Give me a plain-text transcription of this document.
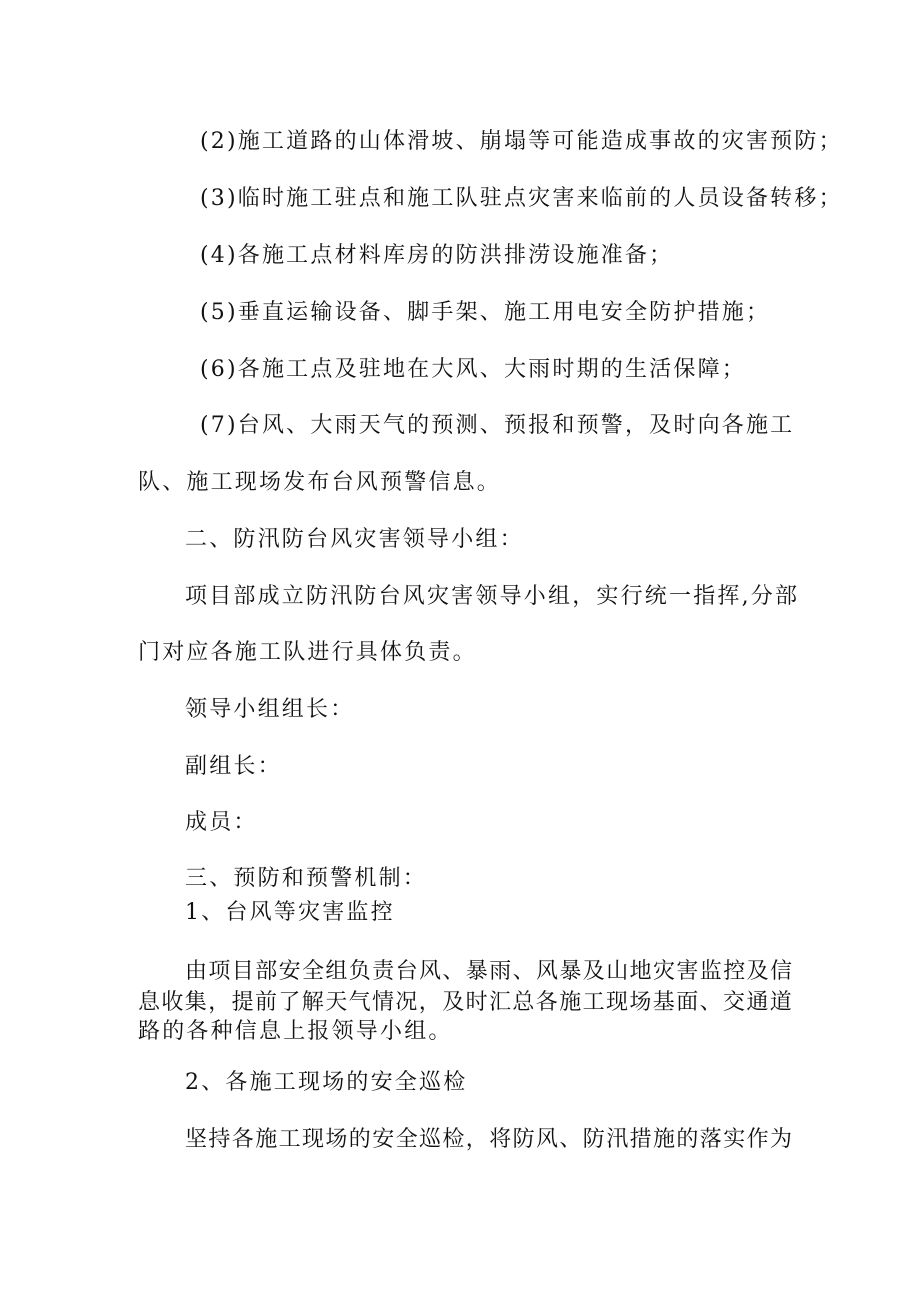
(2)施工道路的山体滑坡、崩塌等可能造成事故的灾害预防；
(3)临时施工驻点和施工队驻点灾害来临前的人员设备转移；
(4)各施工点材料库房的防洪排涝设施准备；
(5)垂直运输设备、脚手架、施工用电安全防护措施；
(6)各施工点及驻地在大风、大雨时期的生活保障；
(7)台风、大雨天气的预测、预报和预警，及时向各施工
队、施工现场发布台风预警信息。
二、防汛防台风灾害领导小组：
项目部成立防汛防台风灾害领导小组，实行统一指挥,分部
门对应各施工队进行具体负责。
领导小组组长：
副组长：
成员：
三、预防和预警机制：
1、台风等灾害监控
由项目部安全组负责台风、暴雨、风暴及山地灾害监控及信
息收集，提前了解天气情况，及时汇总各施工现场基面、交通道
路的各种信息上报领导小组。
2、各施工现场的安全巡检
坚持各施工现场的安全巡检，将防风、防汛措施的落实作为
